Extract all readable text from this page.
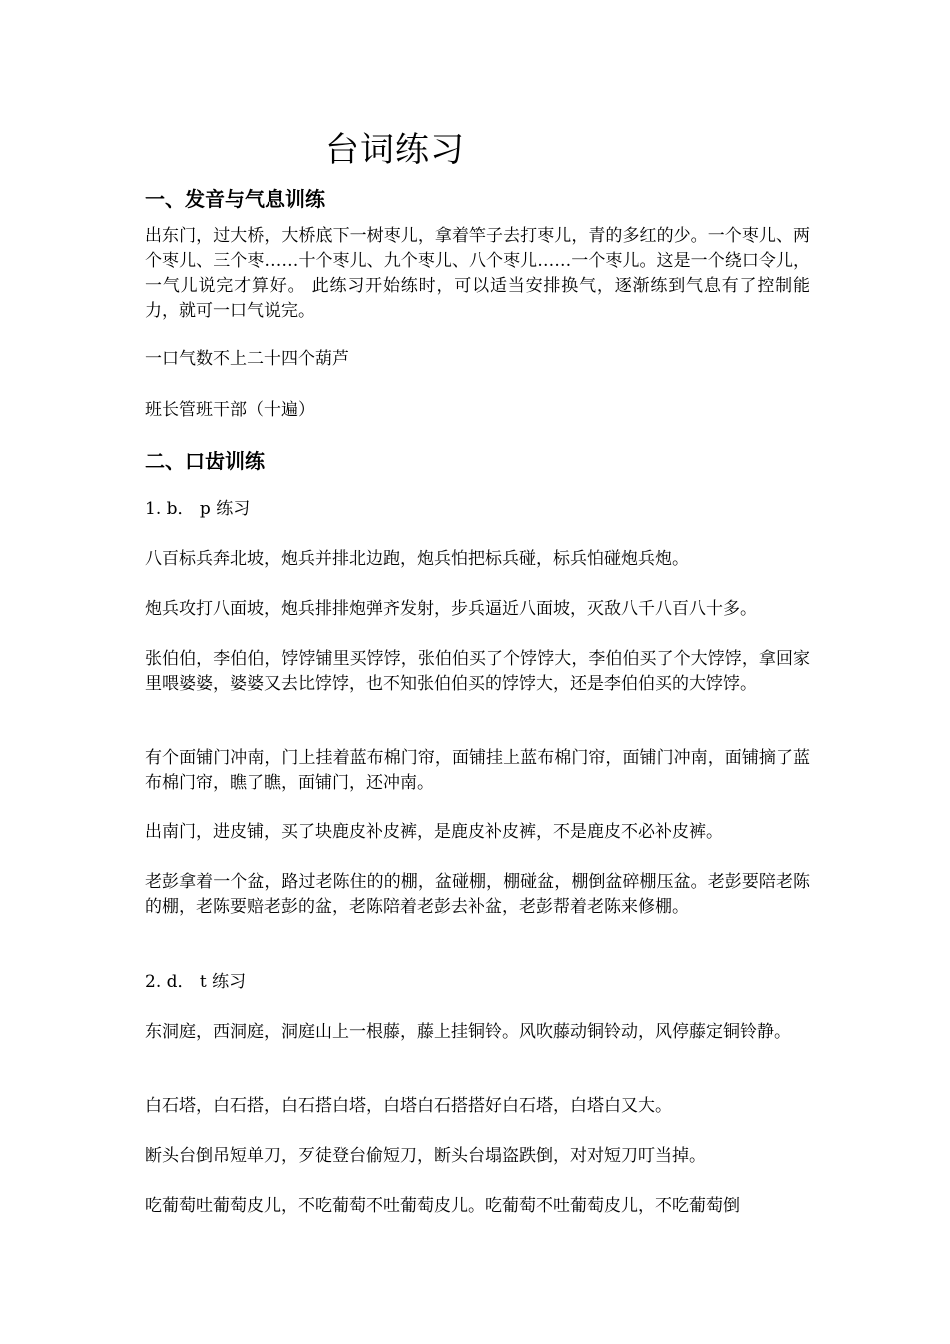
台词练习
一、发音与气息训练
出东门，过大桥，大桥底下一树枣儿，拿着竿子去打枣儿，青的多红的少。一个枣儿、两个枣儿、三个枣……十个枣儿、九个枣儿、八个枣儿……一个枣儿。这是一个绕口令儿，一气儿说完才算好。 此练习开始练时，可以适当安排换气，逐渐练到气息有了控制能力，就可一口气说完。
一口气数不上二十四个葫芦
班长管班干部（十遍）
二、口齿训练
1. b． p 练习
八百标兵奔北坡，炮兵并排北边跑，炮兵怕把标兵碰，标兵怕碰炮兵炮。
炮兵攻打八面坡，炮兵排排炮弹齐发射，步兵逼近八面坡，灭敌八千八百八十多。
张伯伯，李伯伯，饽饽铺里买饽饽，张伯伯买了个饽饽大，李伯伯买了个大饽饽，拿回家里喂婆婆，婆婆又去比饽饽，也不知张伯伯买的饽饽大，还是李伯伯买的大饽饽。
有个面铺门冲南，门上挂着蓝布棉门帘，面铺挂上蓝布棉门帘，面铺门冲南，面铺摘了蓝布棉门帘，瞧了瞧，面铺门，还冲南。
出南门，进皮铺，买了块鹿皮补皮裤，是鹿皮补皮裤，不是鹿皮不必补皮裤。
老彭拿着一个盆，路过老陈住的的棚，盆碰棚，棚碰盆，棚倒盆碎棚压盆。老彭要陪老陈的棚，老陈要赔老彭的盆，老陈陪着老彭去补盆，老彭帮着老陈来修棚。
2. d． t 练习
东洞庭，西洞庭，洞庭山上一根藤，藤上挂铜铃。风吹藤动铜铃动，风停藤定铜铃静。
白石塔，白石搭，白石搭白塔，白塔白石搭搭好白石塔，白塔白又大。
断头台倒吊短单刀，歹徒登台偷短刀，断头台塌盗跌倒，对对短刀叮当掉。
吃葡萄吐葡萄皮儿，不吃葡萄不吐葡萄皮儿。吃葡萄不吐葡萄皮儿，不吃葡萄倒
